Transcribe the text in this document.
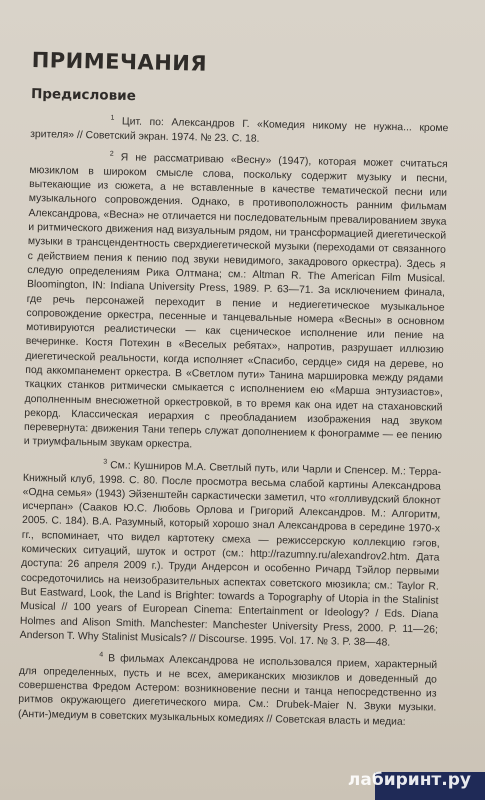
ПРИМЕЧАНИЯ
Предисловие

$^1$ Цит. по: Александров Г. «Комедия никому не нужна... кроме зрителя» // Советский экран. 1974. № 23. С. 18.

$^2$ Я не рассматриваю «Весну» (1947), которая может считаться мюзиклом в широком смысле слова, поскольку содержит музыку и песни, вытекающие из сюжета, а не вставленные в качестве тематической песни или музыкального сопровождения. Однако, в противоположность ранним фильмам Александрова, «Весна» не отличается ни последовательным превалированием звука и ритмического движения над визуальным рядом, ни трансформацией диегетической музыки в трансцендентность сверхдиегетической музыки (переходами от связанного с действием пения к пению под звуки невидимого, закадрового оркестра). Здесь я следую определениям Рика Олтмана; см.: Altman R. The American Film Musical. Bloomington, IN: Indiana University Press, 1989. P. 63—71. За исключением финала, где речь персонажей переходит в пение и недиегетическое музыкальное сопровождение оркестра, песенные и танцевальные номера «Весны» в основном мотивируются реалистически — как сценическое исполнение или пение на вечеринке. Костя Потехин в «Веселых ребятах», напротив, разрушает иллюзию диегетической реальности, когда исполняет «Спасибо, сердце» сидя на дереве, но под аккомпанемент оркестра. В «Светлом пути» Танина маршировка между рядами ткацких станков ритмически смыкается с исполнением ею «Марша энтузиастов», дополненным внесюжетной оркестровкой, в то время как она идет на стахановский рекорд. Классическая иерархия с преобладанием изображения над звуком перевернута: движения Тани теперь служат дополнением к фонограмме — ее пению и триумфальным звукам оркестра.

$^3$ См.: Кушниров М.А. Светлый путь, или Чарли и Спенсер. М.: Терра-Книжный клуб, 1998. С. 80. После просмотра весьма слабой картины Александрова «Одна семья» (1943) Эйзенштейн саркастически заметил, что «голливудский блокнот исчерпан» (Сааков Ю.С. Любовь Орлова и Григорий Александров. М.: Алгоритм, 2005. С. 184). В.А. Разумный, который хорошо знал Александрова в середине 1970-х гг., вспоминает, что видел картотеку смеха — режиссерскую коллекцию гэгов, комических ситуаций, шуток и острот (см.: http://razumny.ru/alexandrov2.htm. Дата доступа: 26 апреля 2009 г.). Труди Андерсон и особенно Ричард Тэйлор первыми сосредоточились на неизобразительных аспектах советского мюзикла; см.: Taylor R. But Eastward, Look, the Land is Brighter: towards a Topography of Utopia in the Stalinist Musical // 100 years of European Cinema: Entertainment or Ideology? / Eds. Diana Holmes and Alison Smith. Manchester: Manchester University Press, 2000. P. 11—26; Anderson T. Why Stalinist Musicals? // Discourse. 1995. Vol. 17. № 3. P. 38—48.

$^4$ В фильмах Александрова не использовался прием, характерный для определенных, пусть и не всех, американских мюзиклов и доведенный до совершенства Фредом Астером: возникновение песни и танца непосредственно из ритмов окружающего диегетического мира. См.: Drubek-Maier N. Звуки музыки. (Анти-)медиум в советских музыкальных комедиях // Советская власть и медиа:

лабиринт.ру
